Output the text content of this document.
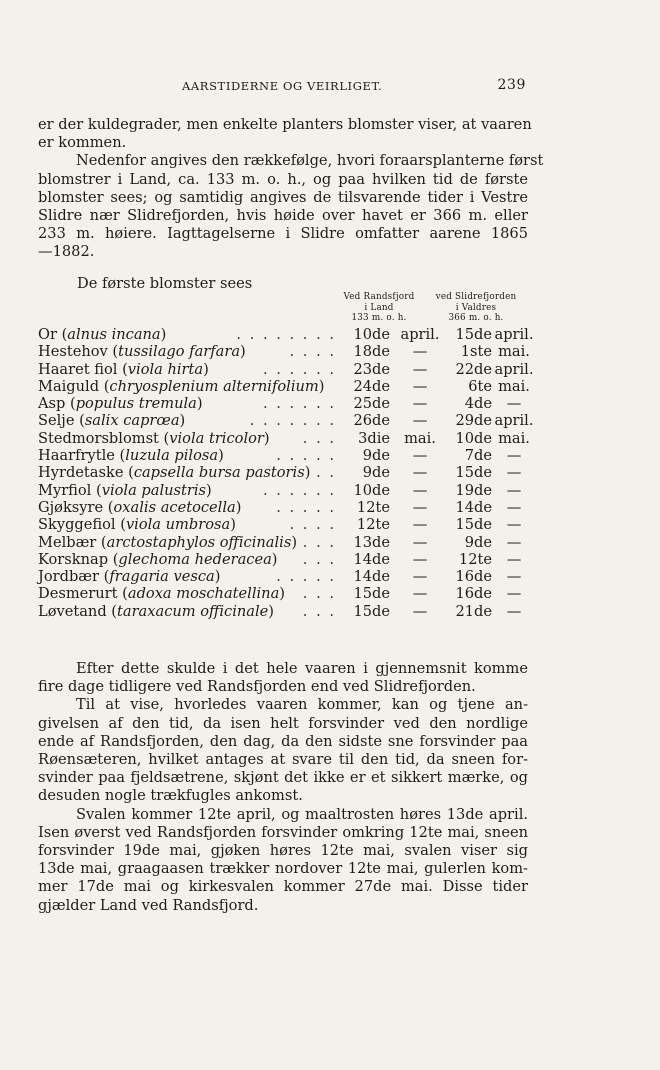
AARSTIDERNE OG VEIRLIGET.	239
er der kuldegrader, men enkelte planters blomster viser, at vaaren
er kommen.
Nedenfor angives den rækkefølge, hvori foraarsplanterne først
blomstrer i Land, ca. 133 m. o. h., og paa hvilken tid de første
blomster sees; og samtidig angives de tilsvarende tider i Vestre
Slidre nær Slidrefjorden, hvis høide over havet er 366 m. eller
233 m. høiere. Iagttagelserne i Slidre omfatter aarene 1865
—1882.
De første blomster sees
Ved Randsfjord
i Land
133 m. o. h.
ved Slidrefjorden
i Valdres
366 m. o. h.
Or (alnus incana)	. . . . . . . .	10de april.	15de april.
Hestehov (tussilago farfara)	. . . .	18de	—	1ste mai.
Haaret fiol (viola hirta)	. . . . . .	23de	—	22de april.
Maiguld (chryosplenium alternifolium)	24de	—	6te mai.
Asp (populus tremula)	. . . . . .	25de	—	4de	—
Selje (salix caprœa)	. . . . . . .	26de	—	29de april.
Stedmorsblomst (viola tricolor)	. . .	3die mai.	10de mai.
Haarfrytle (luzula pilosa)	. . . . .	9de	—	7de	—
Hyrdetaske (capsella bursa pastoris) . .	9de	—	15de	—
Myrfiol (viola palustris)	. . . . . .	10de	—	19de	—
Gjøksyre (oxalis acetocella)	. . . . .	12te	—	14de	—
Skyggefiol (viola umbrosa)	. . . .	12te	—	15de	—
Melbær (arctostaphylos officinalis) . . .	13de	—	9de	—
Korsknap (glechoma hederacea)	. . .	14de	—	12te	—
Jordbær (fragaria vesca)	. . . . .	14de	—	16de	—
Desmerurt (adoxa moschatellina)	. . .	15de	—	16de	—
Løvetand (taraxacum officinale)	. . .	15de	—	21de	—
Efter dette skulde i det hele vaaren i gjennemsnit komme
fire dage tidligere ved Randsfjorden end ved Slidrefjorden.
Til at vise, hvorledes vaaren kommer, kan og tjene an-
givelsen af den tid, da isen helt forsvinder ved den nordlige
ende af Randsfjorden, den dag, da den sidste sne forsvinder paa
Røensæteren, hvilket antages at svare til den tid, da sneen for-
svinder paa fjeldsætrene, skjønt det ikke er et sikkert mærke, og
desuden nogle trækfugles ankomst.
Svalen kommer 12te april, og maaltrosten høres 13de april.
Isen øverst ved Randsfjorden forsvinder omkring 12te mai, sneen
forsvinder 19de mai, gjøken høres 12te mai, svalen viser sig
13de mai, graagaasen trækker nordover 12te mai, gulerlen kom-
mer 17de mai og kirkesvalen kommer 27de mai. Disse tider
gjælder Land ved Randsfjord.
